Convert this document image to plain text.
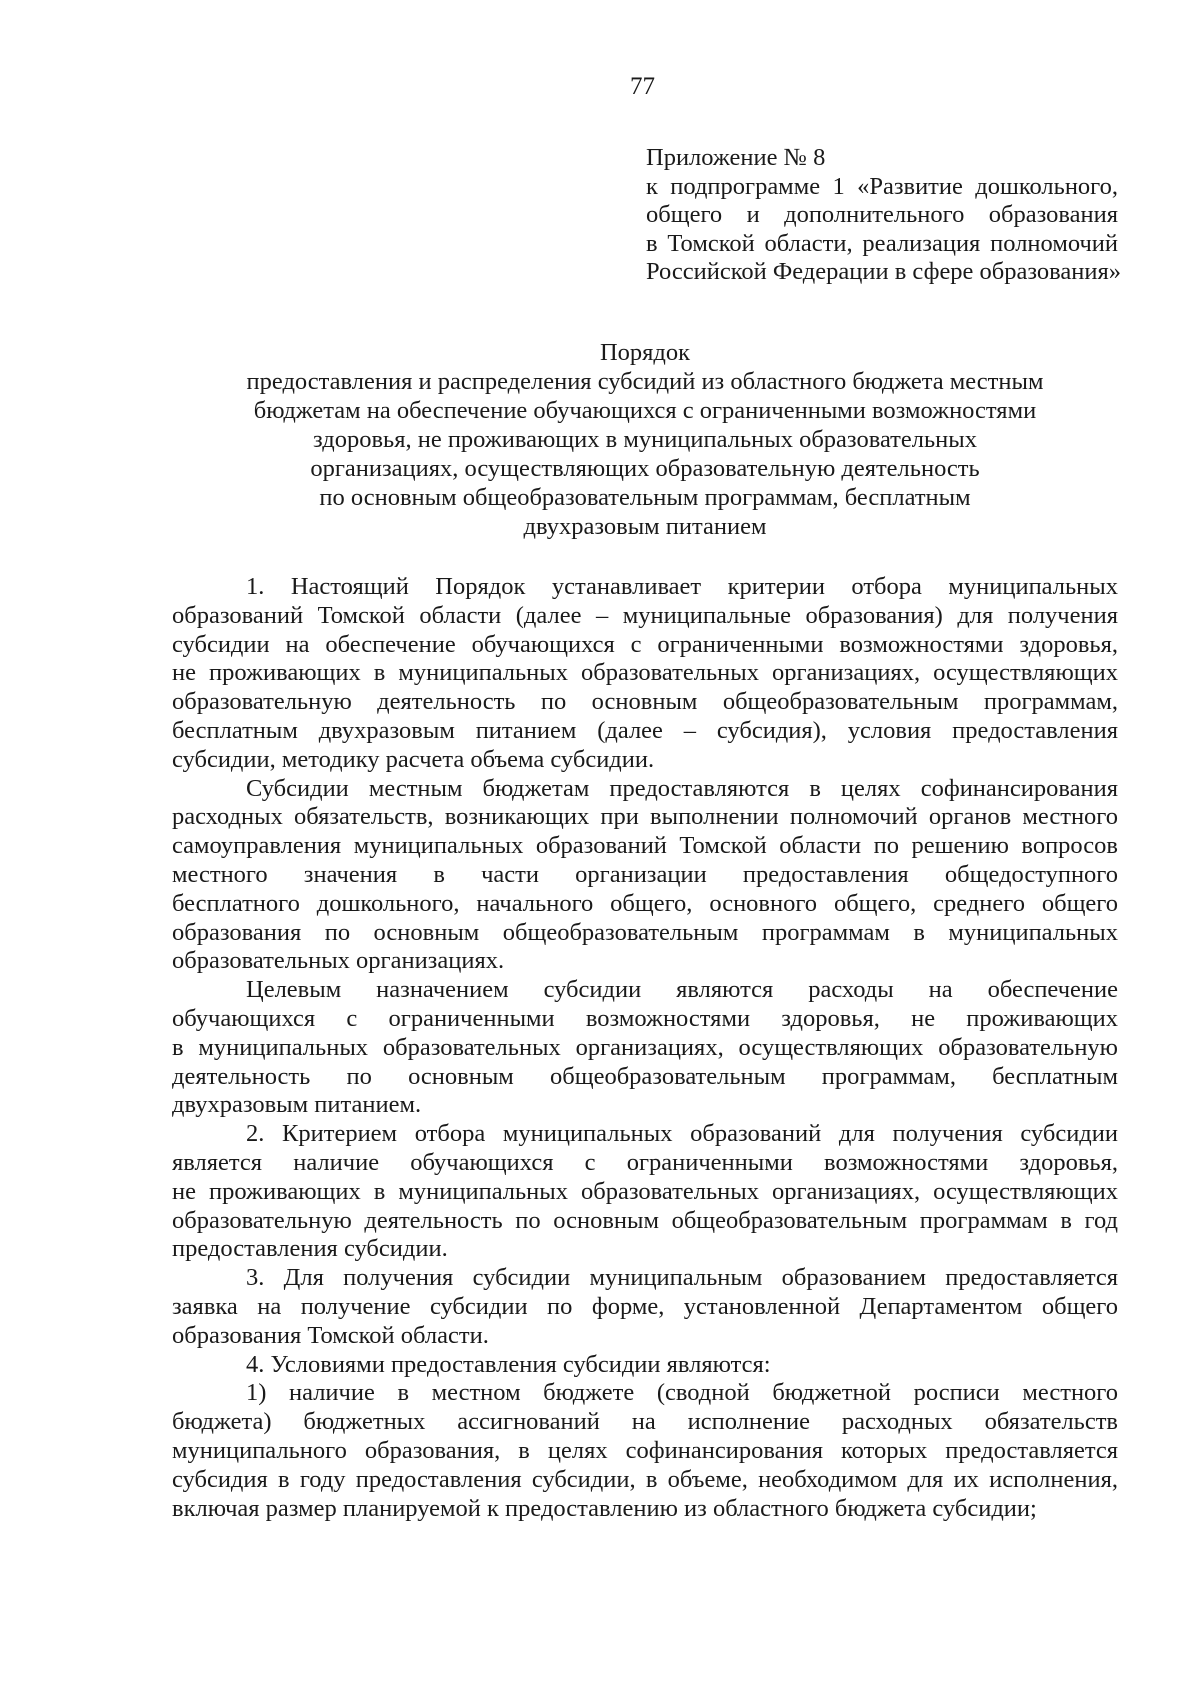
77
Приложение № 8
к подпрограмме 1 «Развитие дошкольного,
общего и дополнительного образования
в Томской области, реализация полномочий
Российской Федерации в сфере образования»
Порядок
предоставления и распределения субсидий из областного бюджета местным
бюджетам на обеспечение обучающихся с ограниченными возможностями
здоровья, не проживающих в муниципальных образовательных
организациях, осуществляющих образовательную деятельность
по основным общеобразовательным программам, бесплатным
двухразовым питанием

1. Настоящий Порядок устанавливает критерии отбора муниципальных
образований Томской области (далее – муниципальные образования) для получения
субсидии на обеспечение обучающихся с ограниченными возможностями здоровья,
не проживающих в муниципальных образовательных организациях, осуществляющих
образовательную деятельность по основным общеобразовательным программам,
бесплатным двухразовым питанием (далее – субсидия), условия предоставления
субсидии, методику расчета объема субсидии.

Субсидии местным бюджетам предоставляются в целях софинансирования
расходных обязательств, возникающих при выполнении полномочий органов местного
самоуправления муниципальных образований Томской области по решению вопросов
местного значения в части организации предоставления общедоступного
бесплатного дошкольного, начального общего, основного общего, среднего общего
образования по основным общеобразовательным программам в муниципальных
образовательных организациях.

Целевым назначением субсидии являются расходы на обеспечение
обучающихся с ограниченными возможностями здоровья, не проживающих
в муниципальных образовательных организациях, осуществляющих образовательную
деятельность по основным общеобразовательным программам, бесплатным
двухразовым питанием.

2. Критерием отбора муниципальных образований для получения субсидии
является наличие обучающихся с ограниченными возможностями здоровья,
не проживающих в муниципальных образовательных организациях, осуществляющих
образовательную деятельность по основным общеобразовательным программам в год
предоставления субсидии.

3. Для получения субсидии муниципальным образованием предоставляется
заявка на получение субсидии по форме, установленной Департаментом общего
образования Томской области.

4. Условиями предоставления субсидии являются:

1) наличие в местном бюджете (сводной бюджетной росписи местного
бюджета) бюджетных ассигнований на исполнение расходных обязательств
муниципального образования, в целях софинансирования которых предоставляется
субсидия в году предоставления субсидии, в объеме, необходимом для их исполнения,
включая размер планируемой к предоставлению из областного бюджета субсидии;
